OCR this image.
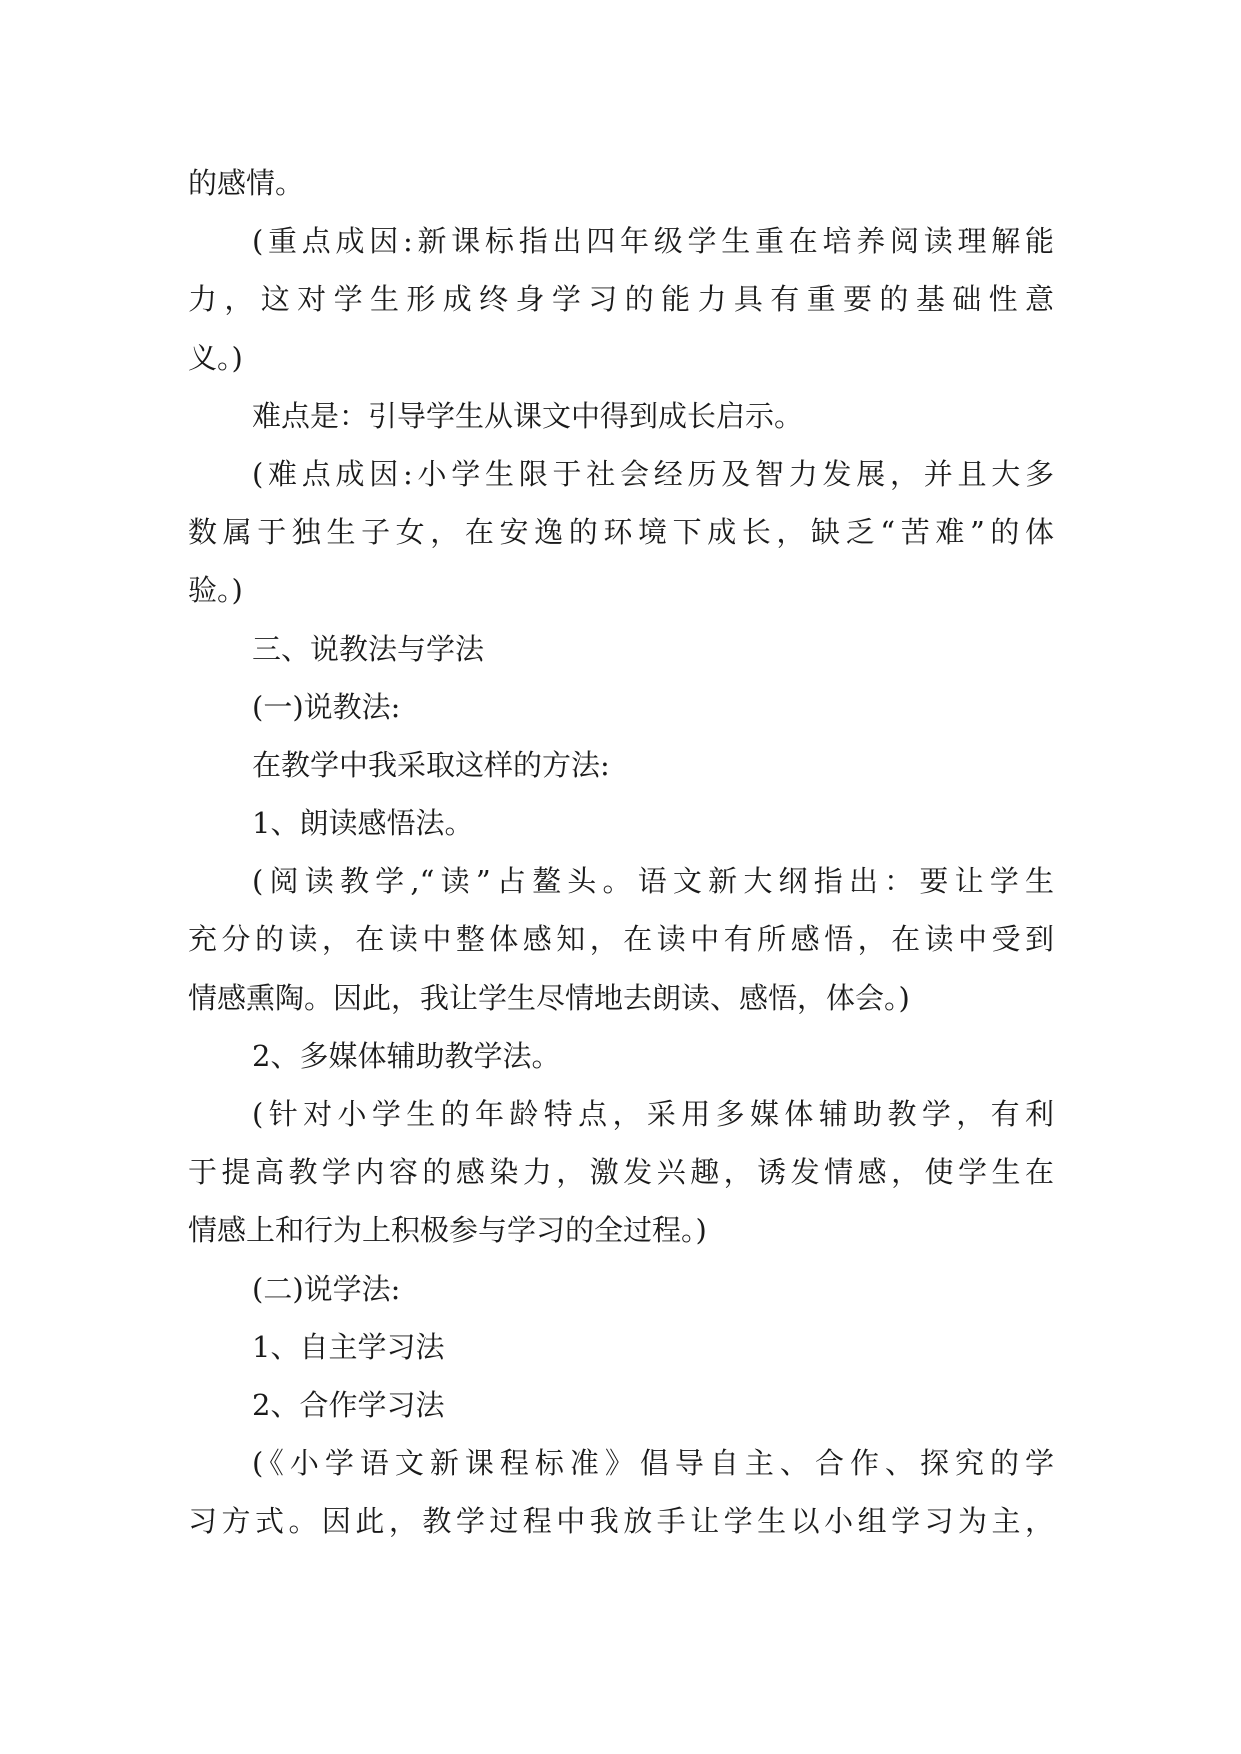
的感情。
(重点成因:新课标指出四年级学生重在培养阅读理解能
力，这对学生形成终身学习的能力具有重要的基础性意
义。)
难点是：引导学生从课文中得到成长启示。
(难点成因:小学生限于社会经历及智力发展，并且大多
数属于独生子女，在安逸的环境下成长，缺乏“苦难”的体
验。)
三、说教法与学法
(一)说教法:
在教学中我采取这样的方法:
1、朗读感悟法。
(阅读教学,“读”占鳌头。语文新大纲指出：要让学生
充分的读，在读中整体感知，在读中有所感悟，在读中受到
情感熏陶。因此，我让学生尽情地去朗读、感悟，体会。)
2、多媒体辅助教学法。
(针对小学生的年龄特点，采用多媒体辅助教学，有利
于提高教学内容的感染力，激发兴趣，诱发情感，使学生在
情感上和行为上积极参与学习的全过程。)
(二)说学法:
1、自主学习法
2、合作学习法
(《小学语文新课程标准》倡导自主、合作、探究的学
习方式。因此，教学过程中我放手让学生以小组学习为主，
